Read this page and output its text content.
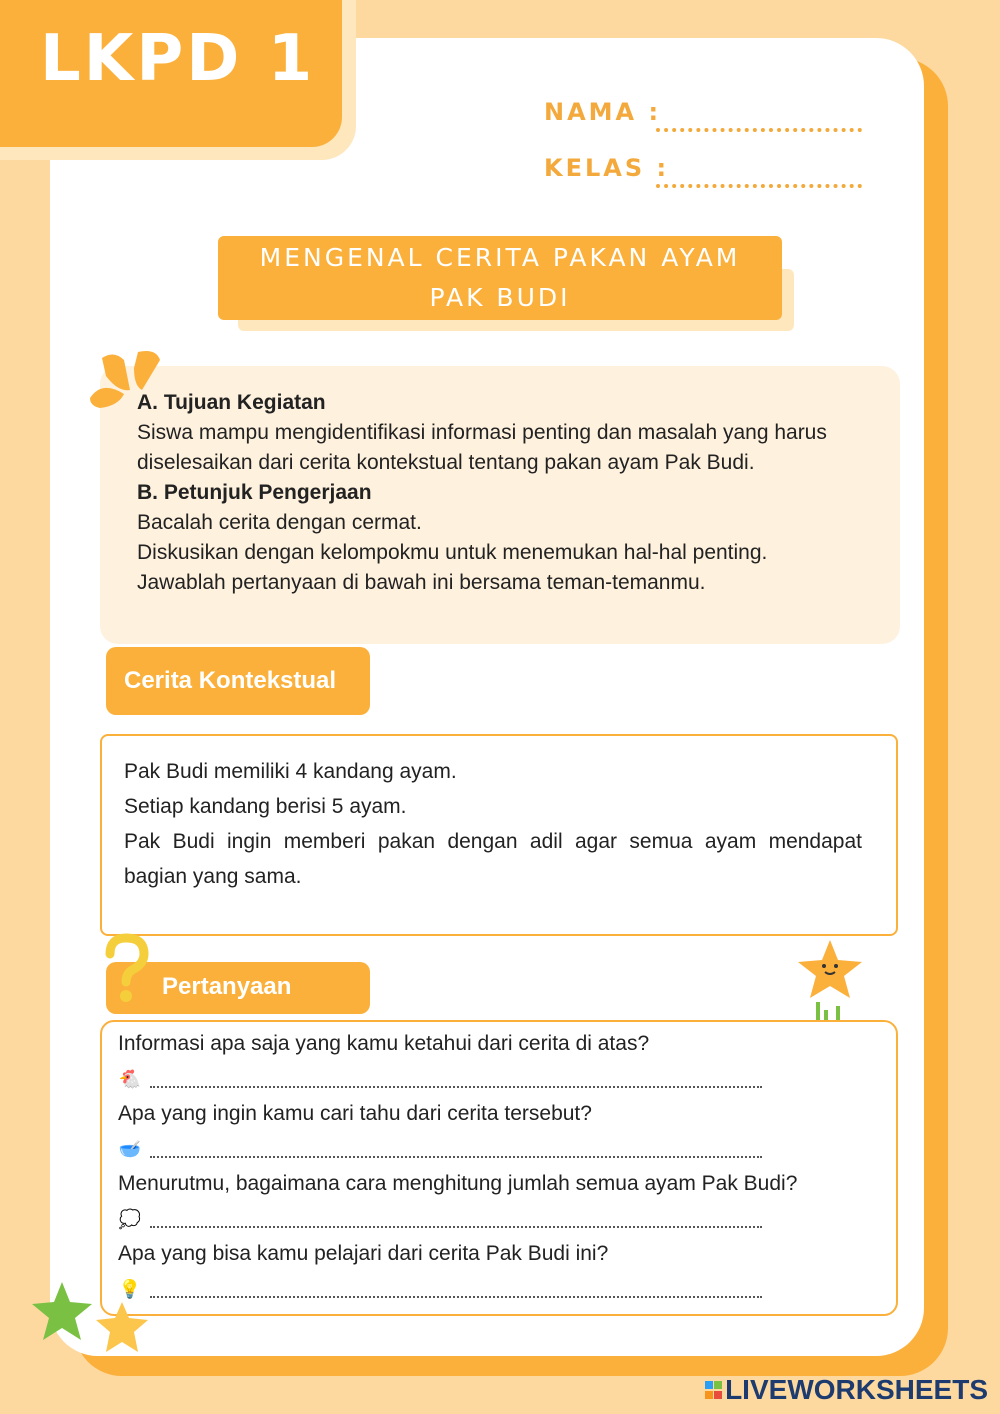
LKPD 1
NAMA :
KELAS :
MENGENAL CERITA PAKAN AYAM
PAK BUDI
A. Tujuan Kegiatan
Siswa mampu mengidentifikasi informasi penting dan masalah yang harus diselesaikan dari cerita kontekstual tentang pakan ayam Pak Budi.
B. Petunjuk Pengerjaan
Bacalah cerita dengan cermat.
Diskusikan dengan kelompokmu untuk menemukan hal-hal penting.
Jawablah pertanyaan di bawah ini bersama teman-temanmu.
Cerita Kontekstual
Pak Budi memiliki 4 kandang ayam.
Setiap kandang berisi 5 ayam.
Pak Budi ingin memberi pakan dengan adil agar semua ayam mendapat bagian yang sama.
Pertanyaan
Informasi apa saja yang kamu ketahui dari cerita di atas?
🐔
Apa yang ingin kamu cari tahu dari cerita tersebut?
🥣
Menurutmu, bagaimana cara menghitung jumlah semua ayam Pak Budi?
💭
Apa yang bisa kamu pelajari dari cerita Pak Budi ini?
💡
LIVEWORKSHEETS
